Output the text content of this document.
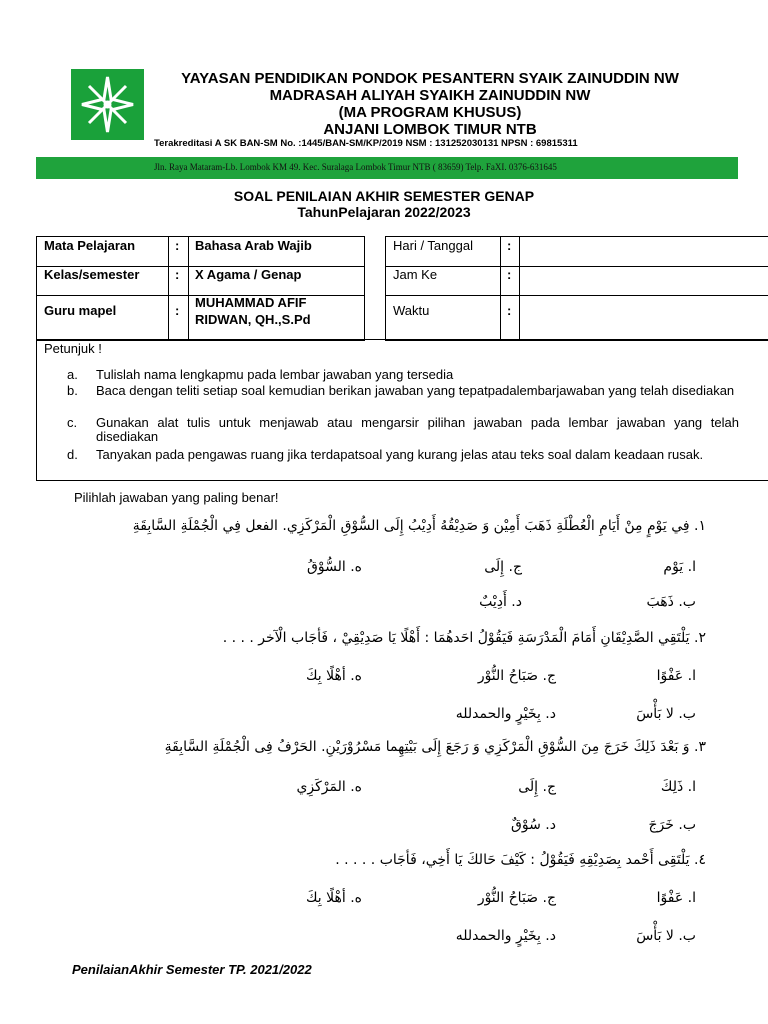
YAYASAN PENDIDIKAN PONDOK PESANTERN SYAIK ZAINUDDIN NW
MADRASAH ALIYAH SYAIKH ZAINUDDIN NW
(MA PROGRAM KHUSUS)
ANJANI LOMBOK TIMUR NTB
Terakreditasi A SK BAN-SM No. :1445/BAN-SM/KP/2019 NSM : 131252030131 NPSN : 69815311
Jln. Raya Mataram-Lb. Lombok KM 49. Kec. Suralaga Lombok Timur NTB ( 83659) Telp. FaXI. 0376-631645
SOAL PENILAIAN AKHIR SEMESTER GENAP
TahunPelajaran 2022/2023
Mata Pelajaran	: Bahasa Arab Wajib
Kelas/semester	: X Agama / Genap
Guru mapel	:
MUHAMMAD AFIF
RIDWAN, QH.,S.Pd
Hari / Tanggal	:
Jam Ke	:
Waktu	:
Petunjuk !
a. Tulislah nama lengkapmu pada lembar jawaban yang tersedia
b. Baca dengan teliti setiap soal kemudian berikan jawaban yang tepatpadalembarjawaban yang telah disediakan
c. Gunakan alat tulis untuk menjawab atau mengarsir pilihan jawaban pada lembar jawaban yang telah disediakan
d. Tanyakan pada pengawas ruang jika terdapatsoal yang kurang jelas atau teks soal dalam keadaan rusak.
Pilihlah jawaban yang paling benar!
١. فِي يَوْمٍ مِنْ أَيَامِ الْعُطْلَةِ ذَهَبَ أَمِيْن وَ صَدِيْقُهُ أَدِيْبُ إِلَى السُّوْقِ الْمَرْكَزِي. الفعل فِي الْجُمْلَةِ السَّابِقَةِ
ا. يَوْم
ج. إِلَى
ه. السُّوْقُ
ب. ذَهَبَ
د. أَدِيْبٌ
٢. يَلْتَقِي الصَّدِيْقَانِ أَمَامَ الْمَدْرَسَةِ فَيَقُوْلُ احَدهُمَا : أَهْلًا يَا صَدِيْقِيْ ، فَأجَاب الْآخر . . . .
ا. عَفْوًا
ج. صَبَاحُ النُّوْر
ه. أهْلًا بِكَ
ب. لا بَأْسَ
د. بِخَيْرٍ والحمدلله
٣. وَ بَعْدَ ذَلِكَ خَرَجَ مِنَ السُّوْقِ الْمَرْكَزِي وَ رَجَعَ إِلَى بَيْتِهِما مَسْرُوْرَيْنِ. الحَرْفُ فِى الْجُمْلَةِ السَّابِقَةِ
ا. ذَلِكَ
ج. إِلَى
ه. المَرْكَزِي
ب. خَرَجَ
د. سُوْقٌ
٤. يَلْتَقِى أَحْمد بِصَدِيْقِهِ فَيَقُوْلُ : كَيْفَ حَالكَ يَا أَخِي، فَأجَاب . . . . .
ا. عَفْوًا
ج. صَبَاحُ النُّوْر
ه. أهْلًا بِكَ
ب. لا بَأْسَ
د. بِخَيْرٍ والحمدلله
PenilaianAkhir Semester TP. 2021/2022
